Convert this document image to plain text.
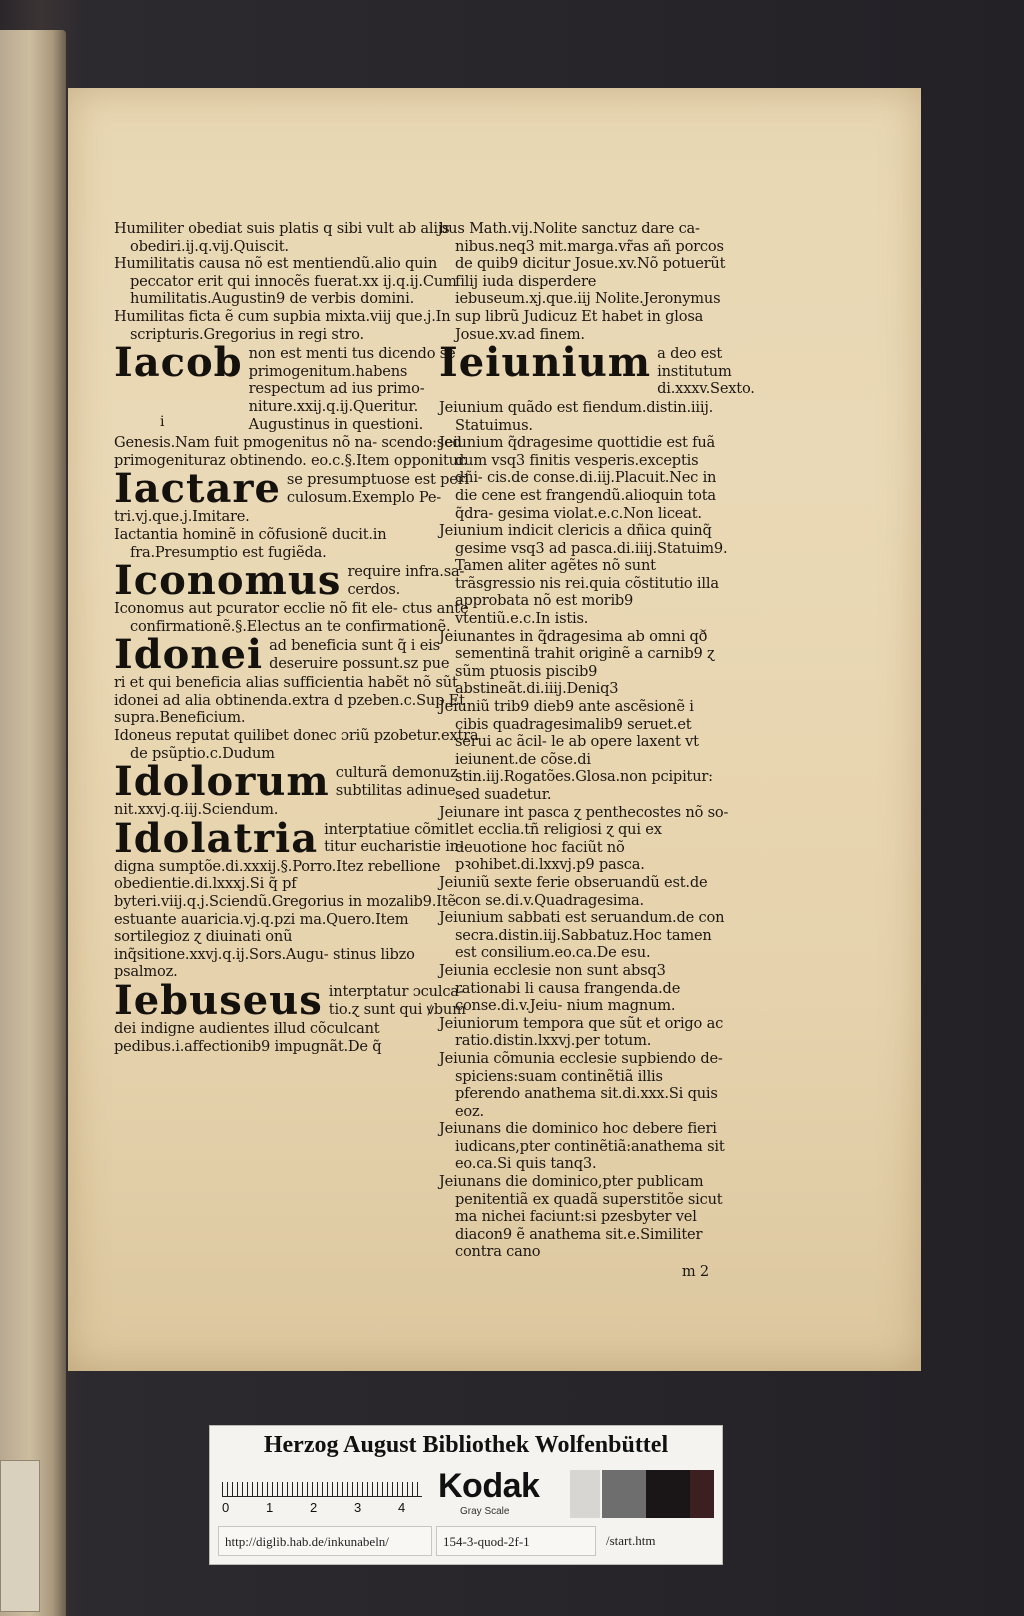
Humiliter obediat suis platis q sibi vult ab alijs obediri.ij.q.vij.Quiscit.
Humilitatis causa nõ est mentiendũ.alio quin peccator erit qui innocẽs fuerat.xx ij.q.ij.Cum humilitatis.Augustin9 de verbis domini.
Humilitas ficta ẽ cum supbia mixta.viij que.j.In scripturis.Gregorius in regi stro.
Iacob non est menti tus dicendo se primogenitum.habens respectum ad ius primo- niture.xxij.q.ij.Queritur. Augustinus in questioni.
Genesis.Nam fuit pmogenitus nõ na- scendo:sed primogenituraz obtinendo. eo.c.§.Item opponitur.
Iactare se presumptuose est peri culosum.Exemplo Pe-
tri.vj.que.j.Imitare.
Iactantia hominẽ in cõfusionẽ ducit.in fra.Presumptio est fugiẽda.
Iconomus require infra.sa- cerdos.
Iconomus aut pcurator ecclie nõ fit ele- ctus ante confirmationẽ.§.Electus an te confirmationẽ.
Idonei ad beneficia sunt q̃ i eis deseruire possunt.sz pue
ri et qui beneficia alias sufficientia habẽt nõ sũt idonei ad alia obtinenda.extra d pzeben.c.Sup.Et supra.Beneficium.
Idoneus reputat quilibet donec ɔriũ pzobetur.extra de psũptio.c.Dudum
Idolorum culturã demonuz subtilitas adinue
nit.xxvj.q.iij.Sciendum.
Idolatria interptatiue cõmit titur eucharistie in-
digna sumptõe.di.xxxij.§.Porro.Itez rebellione obedientie.di.lxxxj.Si q̃ pf byteri.viij.q.j.Sciendũ.Gregorius in mozalib9.Itẽ estuante auaricia.vj.q.pzi ma.Quero.Item sortilegioz ɀ diuinati onũ inq̃sitione.xxvj.q.ij.Sors.Augu- stinus libzo psalmoz.
Iebuseus interptatur ɔculca- tio.ɀ sunt qui ꝟbum
dei indigne audientes illud cõculcant pedibus.i.affectionib9 impugnãt.De q̃
bus Math.vij.Nolite sanctuz dare ca- nibus.neq3 mit.marga.vr̃as añ porcos de quib9 dicitur Josue.xv.Nõ potuerũt filij iuda disperdere iebuseum.xj.que.iij Nolite.Jeronymus sup librũ Judicuz Et habet in glosa Josue.xv.ad finem.
Ieiunium a deo est institutum di.xxxv.Sexto.
Jeiunium quãdo est fiendum.distin.iiij. Statuimus.
Jeiunium q̃dragesime quottidie est fuã dum vsq3 finitis vesperis.exceptis dñi- cis.de conse.di.iij.Placuit.Nec in die cene est frangendũ.alioquin tota q̃dra- gesima violat.e.c.Non liceat.
Jeiunium indicit clericis a dñica quinq̃ gesime vsq3 ad pasca.di.iiij.Statuim9. Tamen aliter agẽtes nõ sunt trãsgressio nis rei.quia cõstitutio illa approbata nõ est morib9 vtentiũ.e.c.In istis.
Jeiunantes in q̃dragesima ab omni qð sementinã trahit originẽ a carnib9 ɀ sũm ptuosis piscib9 abstineãt.di.iiij.Deniq3
Jeiuniũ trib9 dieb9 ante ascẽsionẽ i cibis quadragesimalib9 seruet.et serui ac ãcil- le ab opere laxent vt ieiunent.de cõse.di stin.iij.Rogatões.Glosa.non pcipitur: sed suadetur.
Jeiunare int pasca ɀ penthecostes nõ so- let ecclia.tñ religiosi ɀ qui ex deuotione hoc faciũt nõ pꝛohibet.di.lxxvj.p9 pasca.
Jeiuniũ sexte ferie obseruandũ est.de con se.di.v.Quadragesima.
Jeiunium sabbati est seruandum.de con secra.distin.iij.Sabbatuz.Hoc tamen est consilium.eo.ca.De esu.
Jeiunia ecclesie non sunt absq3 rationabi li causa frangenda.de conse.di.v.Jeiu- nium magnum.
Jeiuniorum tempora que sũt et origo ac ratio.distin.lxxvj.per totum.
Jeiunia cõmunia ecclesie supbiendo de- spiciens:suam continẽtiã illis pferendo anathema sit.di.xxx.Si quis eoz.
Jeiunans die dominico hoc debere fieri iudicans,pter continẽtiã:anathema sit eo.ca.Si quis tanq3.
Jeiunans die dominico,pter publicam penitentiã ex quadã superstitõe sicut ma nichei faciunt:si pzesbyter vel diacon9 ẽ anathema sit.e.Similiter contra cano
m 2
i
Herzog August Bibliothek Wolfenbüttel
0	1	2	3	4
Kodak
Gray Scale
http://diglib.hab.de/inkunabeln/	154-3-quod-2f-1	/start.htm
